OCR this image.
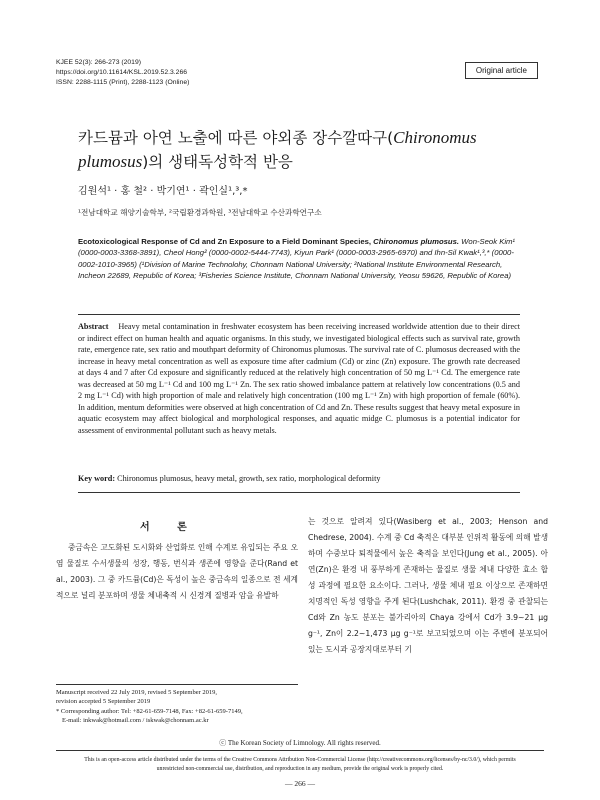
KJEE 52(3): 266-273 (2019)
https://doi.org/10.11614/KSL.2019.52.3.266
ISSN: 2288-1115 (Print), 2288-1123 (Online)
Original article
카드뮴과 아연 노출에 따른 야외종 장수깔따구(Chironomus plumosus)의 생태독성학적 반응
김원석¹ · 홍 철² · 박기연¹ · 곽인실¹,³,*
¹전남대학교 해양기술학부, ²국립환경과학원, ³전남대학교 수산과학연구소
Ecotoxicological Response of Cd and Zn Exposure to a Field Dominant Species, Chironomus plumosus. Won-Seok Kim¹ (0000-0003-3368-3891), Cheol Hong² (0000-0002-5444-7743), Kiyun Park¹ (0000-0003-2965-6970) and Ihn-Sil Kwak¹,³,* (0000-0002-1010-3965) (¹Division of Marine Technolohy, Chonnam National University; ²National Institute Environmental Research, Incheon 22689, Republic of Korea; ³Fisheries Science Institute, Chonnam National University, Yeosu 59626, Republic of Korea)
Abstract Heavy metal contamination in freshwater ecosystem has been receiving increased worldwide attention due to their direct or indirect effect on human health and aquatic organisms. In this study, we investigated biological effects such as survival rate, growth rate, emergence rate, sex ratio and mouthpart deformity of Chironomus plumosus. The survival rate of C. plumosus decreased with the increase in heavy metal concentration as well as exposure time after cadmium (Cd) or zinc (Zn) exposure. The growth rate decreased at days 4 and 7 after Cd exposure and significantly reduced at the relatively high concentration of 50 mg L⁻¹ Cd. The emergence rate was decreased at 50 mg L⁻¹ Cd and 100 mg L⁻¹ Zn. The sex ratio showed imbalance pattern at relatively low concentrations (0.5 and 2 mg L⁻¹ Cd) with high proportion of male and relatively high concentration (100 mg L⁻¹ Zn) with high proportion of female (60%). In addition, mentum deformities were observed at high concentration of Cd and Zn. These results suggest that heavy metal exposure in aquatic ecosystem may affect biological and morphological responses, and aquatic midge C. plumosus is a potential indicator for assessment of environmental pollutant such as heavy metals.
Key word: Chironomus plumosus, heavy metal, growth, sex ratio, morphological deformity
서 론
중금속은 고도화된 도시화와 산업화로 인해 수계로 유입되는 주요 오염 물질로 수서생물의 성장, 행동, 번식과 생존에 영향을 준다(Rand et al., 2003). 그 중 카드뮴(Cd)은 독성이 높은 중금속의 일종으로 전 세계적으로 널리 분포하며 생물 체내축적 시 신경계 질병과 암을 유발하
는 것으로 알려져 있다(Wasiberg et al., 2003; Henson and Chedrese, 2004). 수계 중 Cd 축적은 대부분 인위적 활동에 의해 발생하며 수중보다 퇴적물에서 높은 축적을 보인다(Jung et al., 2005). 아연(Zn)은 환경 내 풍부하게 존재하는 물질로 생물 체내 다양한 효소 합성 과정에 필요한 요소이다. 그러나, 생물 체내 필요 이상으로 존재하면 치명적인 독성 영향을 주게 된다(Lushchak, 2011). 환경 중 관찰되는 Cd와 Zn 농도 분포는 불가리아의 Chaya 강에서 Cd가 3.9~21 μg g⁻¹, Zn이 2.2~1,473 μg g⁻¹로 보고되었으며 이는 주변에 분포되어 있는 도시과 공장지대로부터 기
Manuscript received 22 July 2019, revised 5 September 2019,
revision accepted 5 September 2019
* Corresponding author: Tel: +82-61-659-7148, Fax: +82-61-659-7149,
E-mail: inkwak@hotmail.com / iskwak@chonnam.ac.kr
ⓒ The Korean Society of Limnology. All rights reserved.
This is an open-access article distributed under the terms of the Creative Commons Attribution Non-Commercial License (http://creativecommons.org/licenses/by-nc/3.0/), which permits unrestricted non-commercial use, distribution, and reproduction in any medium, provide the original work is properly cited.
― 266 ―
